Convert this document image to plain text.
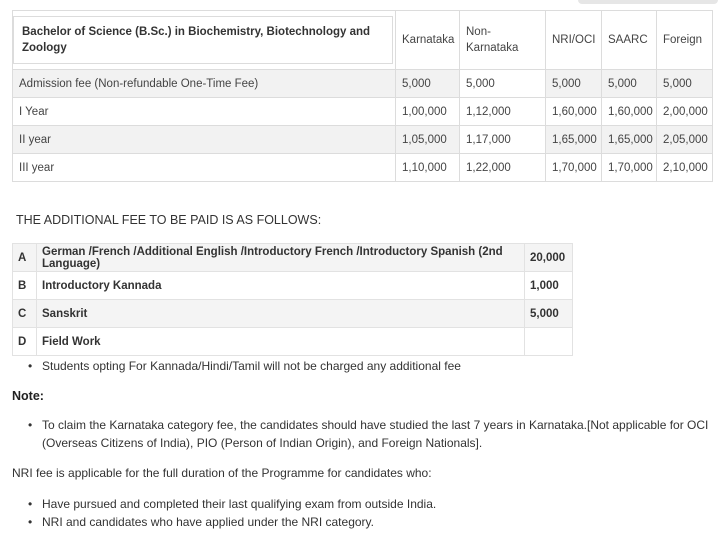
Bachelor of Science (B.Sc.) in Biochemistry, Biotechnology and Zoology	Karnataka	Non-Karnataka	NRI/OCI	SAARC	Foreign
Admission fee (Non-refundable One-Time Fee)	5,000	5,000	5,000	5,000	5,000
I Year	1,00,000	1,12,000	1,60,000	1,60,000	2,00,000
II year	1,05,000	1,17,000	1,65,000	1,65,000	2,05,000
III year	1,10,000	1,22,000	1,70,000	1,70,000	2,10,000
THE ADDITIONAL FEE TO BE PAID IS AS FOLLOWS:
A	German /French /Additional English /Introductory French /Introductory Spanish (2nd Language)	20,000
B	Introductory Kannada	1,000
C	Sanskrit	5,000
D	Field Work	
• Students opting For Kannada/Hindi/Tamil will not be charged any additional fee
Note:
• To claim the Karnataka category fee, the candidates should have studied the last 7 years in Karnataka.[Not applicable for OCI (Overseas Citizens of India), PIO (Person of Indian Origin), and Foreign Nationals].
NRI fee is applicable for the full duration of the Programme for candidates who:
• Have pursued and completed their last qualifying exam from outside India.
• NRI and candidates who have applied under the NRI category.
